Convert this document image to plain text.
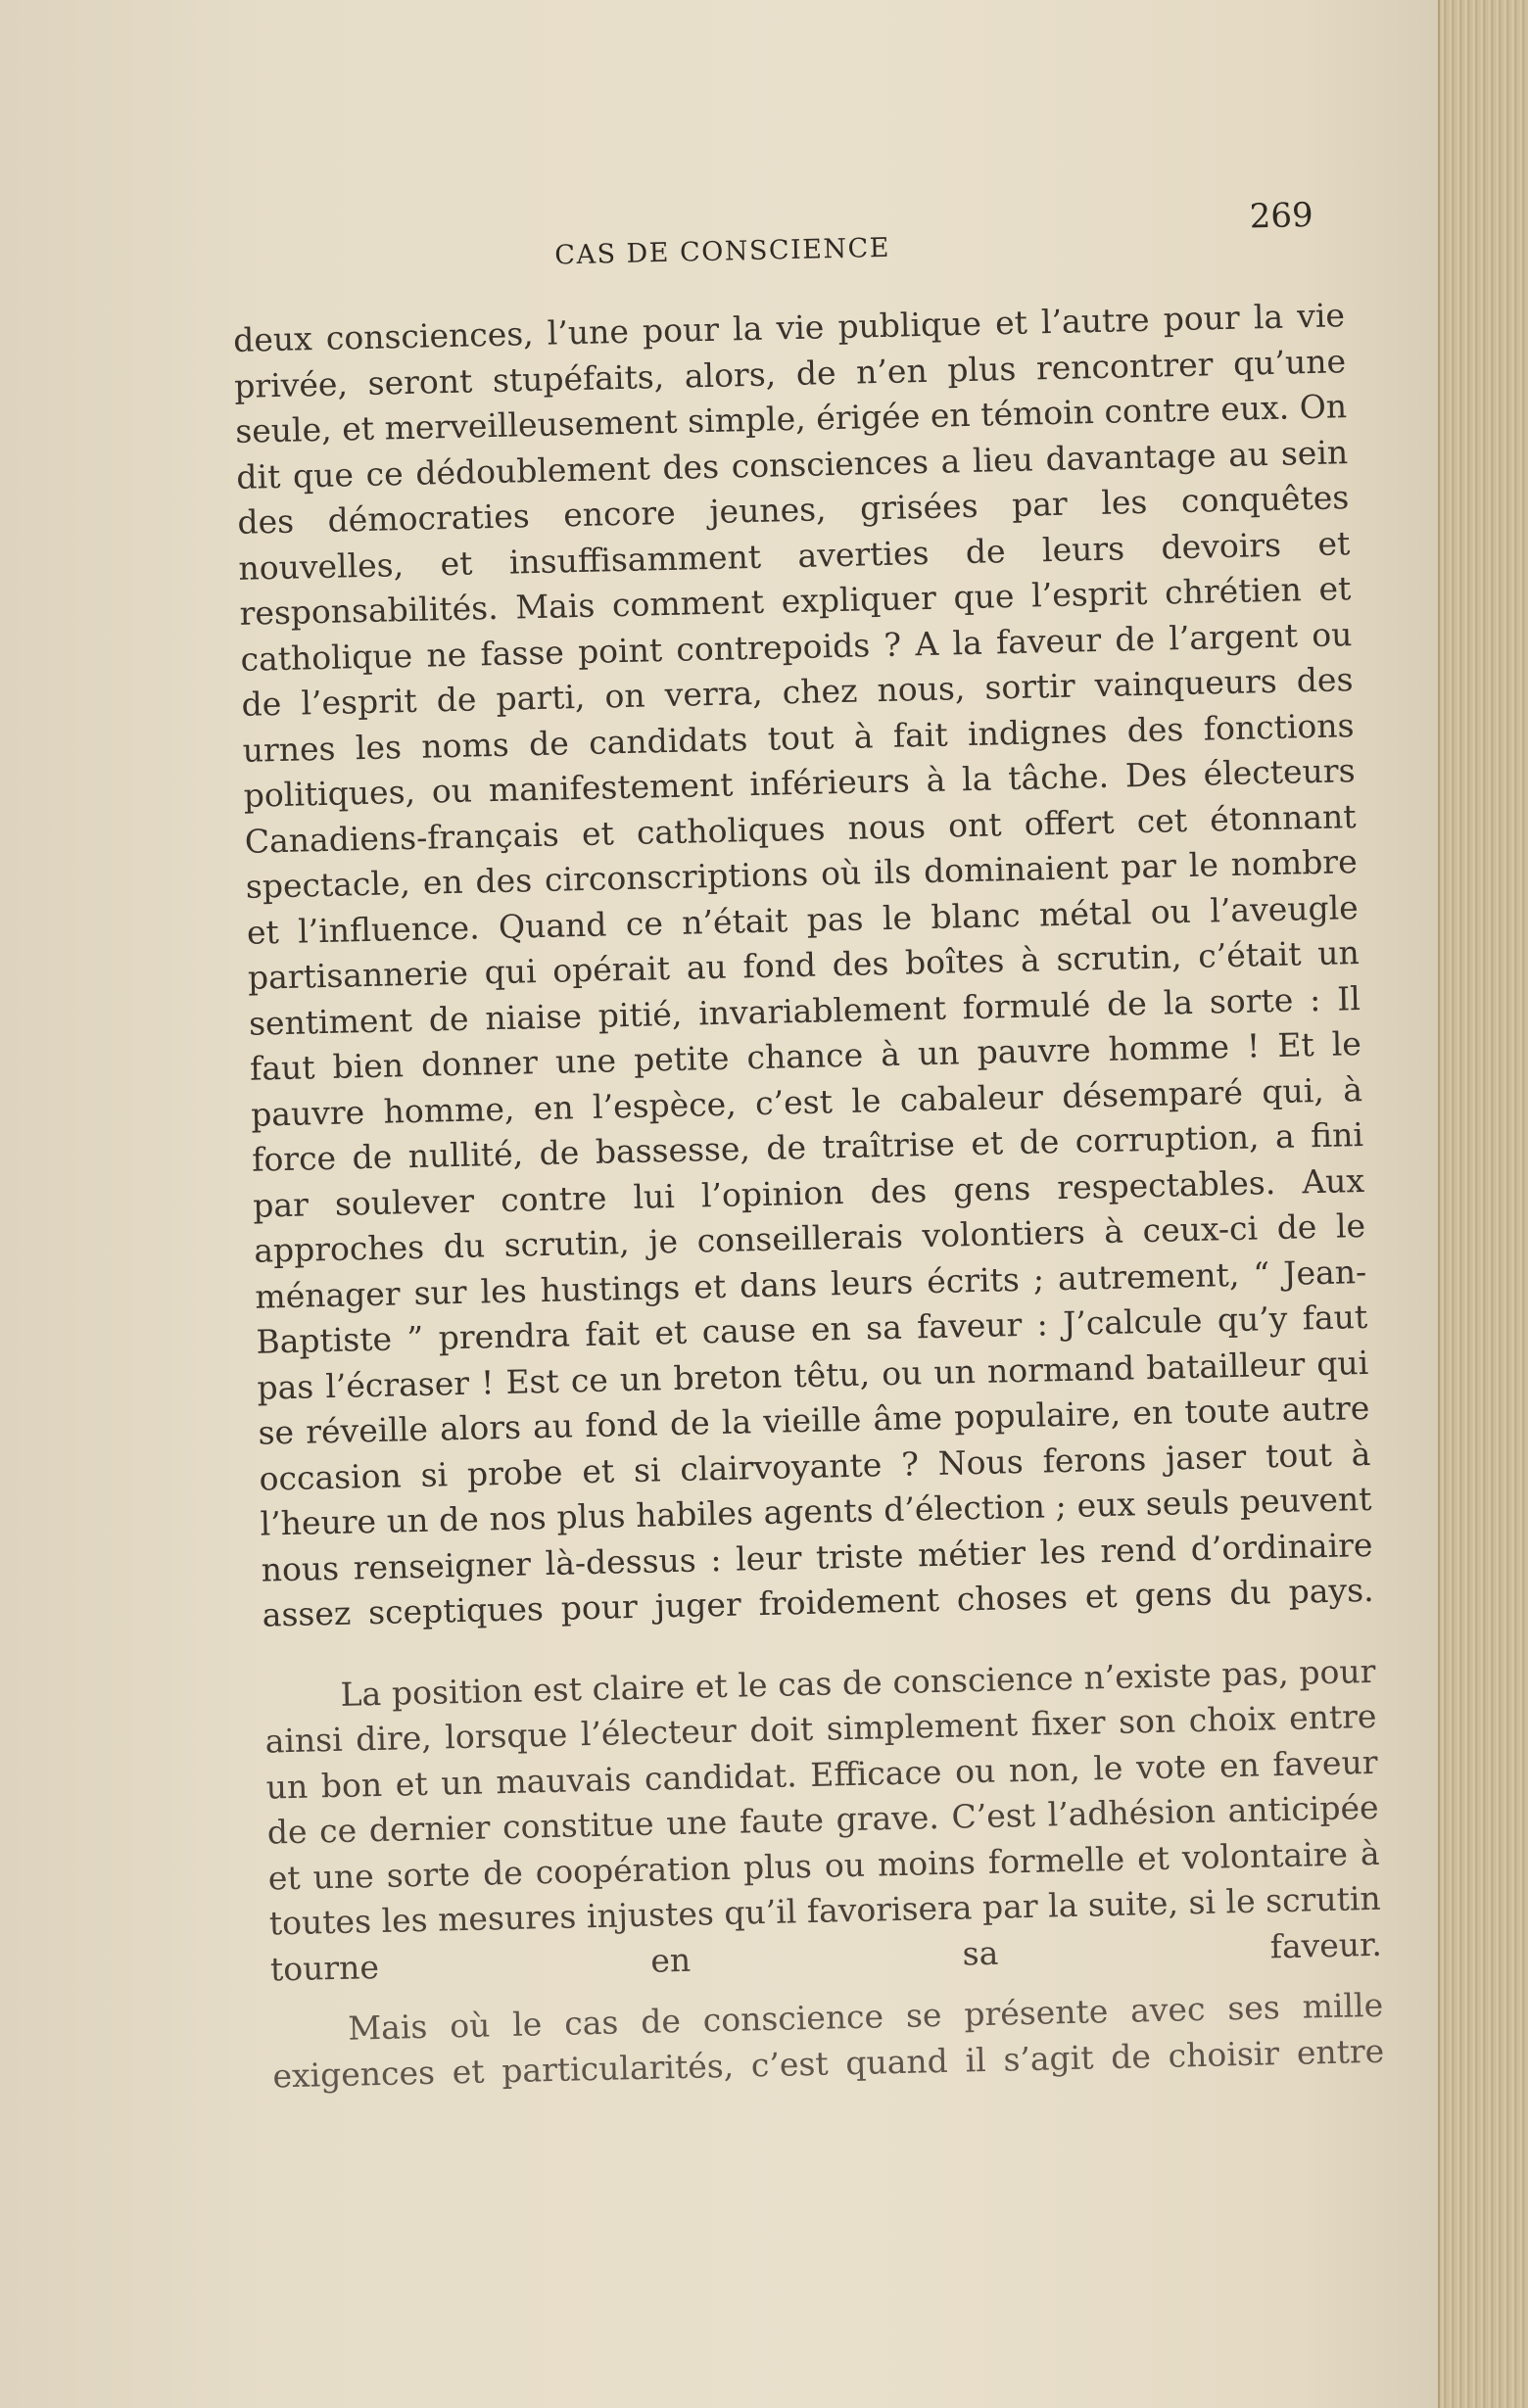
CAS DE CONSCIENCE
269

deux consciences, l’une pour la vie publique et l’autre pour la vie privée, seront stupéfaits, alors, de n’en plus rencontrer qu’une seule, et merveilleusement simple, érigée en témoin contre eux. On dit que ce dédoublement des consciences a lieu davantage au sein des démocraties encore jeunes, grisées par les conquêtes nouvelles, et insuffisamment averties de leurs devoirs et responsabilités. Mais comment expliquer que l’esprit chrétien et catholique ne fasse point contrepoids ? A la faveur de l’argent ou de l’esprit de parti, on verra, chez nous, sortir vainqueurs des urnes les noms de candidats tout à fait indignes des fonctions politiques, ou manifestement inférieurs à la tâche. Des électeurs Canadiens-français et catholiques nous ont offert cet étonnant spectacle, en des circonscriptions où ils dominaient par le nombre et l’influence. Quand ce n’était pas le blanc métal ou l’aveugle partisannerie qui opérait au fond des boîtes à scrutin, c’était un sentiment de niaise pitié, invariablement formulé de la sorte : Il faut bien donner une petite chance à un pauvre homme ! Et le pauvre homme, en l’espèce, c’est le cabaleur désemparé qui, à force de nullité, de bassesse, de traîtrise et de corruption, a fini par soulever contre lui l’opinion des gens respectables. Aux approches du scrutin, je conseillerais volontiers à ceux-ci de le ménager sur les hustings et dans leurs écrits ; autrement, “ Jean-Baptiste ” prendra fait et cause en sa faveur : J’calcule qu’y faut pas l’écraser ! Est ce un breton têtu, ou un normand batailleur qui se réveille alors au fond de la vieille âme populaire, en toute autre occasion si probe et si clairvoyante ? Nous ferons jaser tout à l’heure un de nos plus habiles agents d’élection ; eux seuls peuvent nous renseigner là-dessus : leur triste métier les rend d’ordinaire assez sceptiques pour juger froidement choses et gens du pays.

La position est claire et le cas de conscience n’existe pas, pour ainsi dire, lorsque l’électeur doit simplement fixer son choix entre un bon et un mauvais candidat. Efficace ou non, le vote en faveur de ce dernier constitue une faute grave. C’est l’adhésion anticipée et une sorte de coopération plus ou moins formelle et volontaire à toutes les mesures injustes qu’il favorisera par la suite, si le scrutin tourne en sa faveur.

Mais où le cas de conscience se présente avec ses mille exigences et particularités, c’est quand il s’agit de choisir entre
